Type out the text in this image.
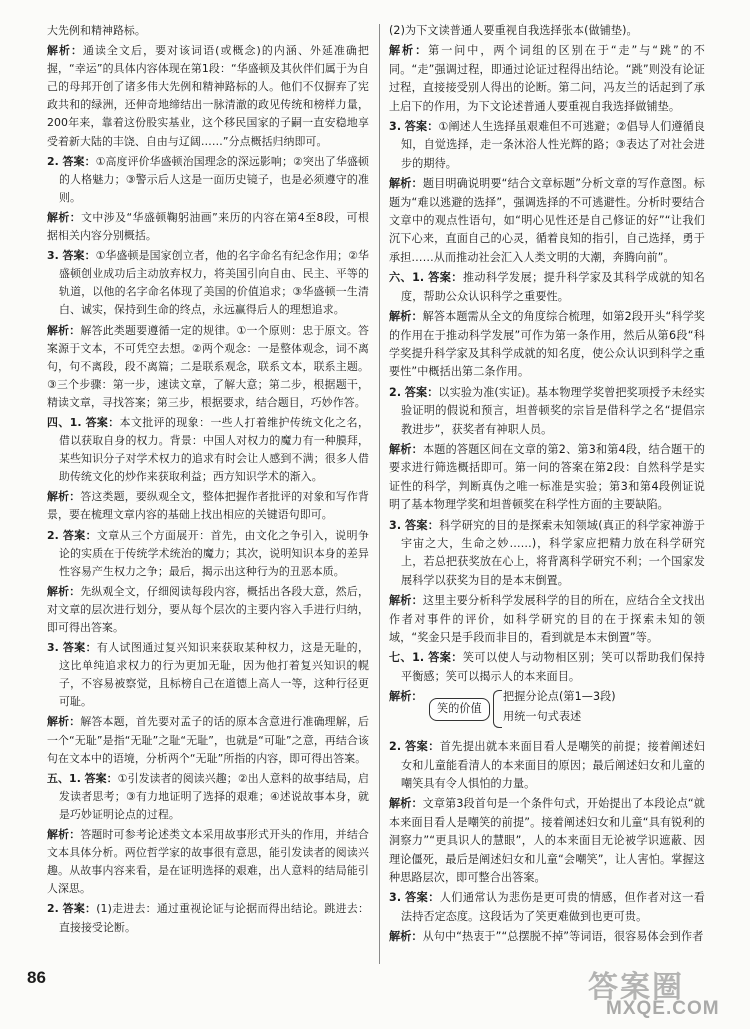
大先例和精神路标。
解析：通读全文后，要对该词语(或概念)的内涵、外延准确把握，“幸运”的具体内容体现在第1段：“华盛顿及其伙伴们属于为自己的母邦开创了诸多伟大先例和精神路标的人。他们不仅摒弃了宪政共和的绿洲，还伸奇地缔结出一脉清澈的政见传统和榜样力量，200年来，靠着这份股实基业，这个移民国家的子嗣一直安稳地享受着新大陆的丰饶、自由与辽阔……”分点概括归纳即可。
2. 答案：①高度评价华盛顿治国理念的深远影响；②突出了华盛顿的人格魅力；③警示后人这是一面历史镜子，也是必须遵守的准则。
解析：文中涉及“华盛顿鞠躬油画”来历的内容在第4至8段，可根据相关内容分别概括。
3. 答案：①华盛顿是国家创立者，他的名字命名有纪念作用；②华盛顿创业成功后主动放弃权力，将美国引向自由、民主、平等的轨道，以他的名字命名体现了美国的价值追求；③华盛顿一生清白、诚实，保持到生命的终点，永远赢得后人的理想追求。
解析：解答此类题要遵循一定的规律。①一个原则：忠于原文。答案源于文本，不可凭空去想。②两个观念：一是整体观念，词不离句，句不离段，段不离篇；二是联系观念，联系文本，联系主题。③三个步骤：第一步，速读文章，了解大意；第二步，根据题干，精读文章，寻找答案；第三步，根据要求，结合题目，巧妙作答。
四、1. 答案：本文批评的现象：一些人打着维护传统文化之名，借以获取自身的权力。背景：中国人对权力的魔力有一种膜拜，某些知识分子对学术权力的追求有时会让人感到不满；很多人借助传统文化的炒作来获取利益；西方知识学术的渐入。
解析：答这类题，要纵观全文，整体把握作者批评的对象和写作背景，要在梳理文章内容的基础上找出相应的关键语句即可。
2. 答案：文章从三个方面展开：首先，由文化之争引入，说明争论的实质在于传统学术统治的魔力；其次，说明知识本身的差异性容易产生权力之争；最后，揭示出这种行为的丑恶本质。
解析：先纵观全文，仔细阅读每段内容，概括出各段大意，然后，对文章的层次进行划分，要从每个层次的主要内容入手进行归纳，即可得出答案。
3. 答案：有人试图通过复兴知识来获取某种权力，这是无耻的，这比单纯追求权力的行为更加无耻，因为他打着复兴知识的幌子，不容易被察觉，且标榜自己在道德上高人一等，这种行径更可耻。
解析：解答本题，首先要对孟子的话的原本含意进行准确理解，后一个“无耻”是指“无耻”之耻“无耻”，也就是“可耻”之意，再结合该句在文本中的语境，分析两个“无耻”所指的内容，即可得出答案。
五、1. 答案：①引发读者的阅读兴趣；②出人意料的故事结局，启发读者思考；③有力地证明了选择的艰难；④述说故事本身，就是巧妙证明论点的过程。
解析：答题时可参考论述类文本采用故事形式开头的作用，并结合文本具体分析。两位哲学家的故事很有意思，能引发读者的阅读兴趣。从故事内容来看，是在证明选择的艰难，出人意料的结局能引人深思。
2. 答案：(1)走进去：通过重视论证与论据而得出结论。跳进去：直接接受论断。
(2)为下文读普通人要重视自我选择张本(做铺垫)。
解析：第一问中，两个词组的区别在于“走”与“跳”的不同。“走”强调过程，即通过论证过程得出结论。“跳”则没有论证过程，直接接受别人得出的论断。第二问，冯友兰的话起到了承上启下的作用，为下文论述普通人要重视自我选择做铺垫。
3. 答案：①阐述人生选择虽艰难但不可逃避；②倡导人们遵循良知，自觉选择，走一条沐浴人性光辉的路；③表达了对社会进步的期待。
解析：题目明确说明要“结合文章标题”分析文章的写作意图。标题为“难以逃避的选择”，强调选择的不可逃避性。分析时要结合文章中的观点性语句，如“明心见性还是自己修证的好”“让我们沉下心来，直面自己的心灵，循着良知的指引，自己选择，勇于承担……从而推动社会汇入人类文明的大潮，奔腾向前”。
六、1. 答案：推动科学发展；提升科学家及其科学成就的知名度，帮助公众认识科学之重要性。
解析：解答本题需从全文的角度综合梳理，如第2段开头“科学奖的作用在于推动科学发展”可作为第一条作用，然后从第6段“科学奖提升科学家及其科学成就的知名度，使公众认识到科学之重要性”中概括出第二条作用。
2. 答案：以实验为准(实证)。基本物理学奖曾把奖项授予未经实验证明的假说和预言，坦普顿奖的宗旨是借科学之名“提倡宗教进步”，获奖者有神职人员。
解析：本题的答题区间在文章的第2、第3和第4段，结合题干的要求进行筛选概括即可。第一问的答案在第2段：自然科学是实证性的科学，判断真伪之唯一标准是实验；第3和第4段例证说明了基本物理学奖和坦普顿奖在科学性方面的主要缺陷。
3. 答案：科学研究的目的是探索未知领域(真正的科学家神游于宇宙之大，生命之妙……)，科学家应把精力放在科学研究上，若总把获奖放在心上，将背离科学研究不利；一个国家发展科学以获奖为目的是本末倒置。
解析：这里主要分析科学发展科学的目的所在，应结合全文找出作者对事件的评价，如科学研究的目的在于探索未知的领域，“奖金只是手段而非目的，看到就是本末倒置”等。
七、1. 答案：笑可以使人与动物相区别；笑可以帮助我们保持平衡感；笑可以揭示人的本来面目。
解析：
笑的价值
把握分论点(第1—3段)
用统一句式表述
2. 答案：首先提出就本来面目看人是嘲笑的前提；接着阐述妇女和儿童能看清人的本来面目的原因；最后阐述妇女和儿童的嘲笑具有令人惧怕的力量。
解析：文章第3段首句是一个条件句式，开始提出了本段论点“就本来面目看人是嘲笑的前提”。接着阐述妇女和儿童“具有锐利的洞察力”“更具识人的慧眼”，人的本来面目无论被学识遮蔽、因理论僵死，最后是阐述妇女和儿童“会嘲笑”，让人害怕。掌握这种思路层次，即可整合出答案。
3. 答案：人们通常认为悲伤是更可贵的情感，但作者对这一看法持否定态度。这段话为了笑更难做到也更可贵。
解析：从句中“热衷于”“总摆脱不掉”等词语，很容易体会到作者
86	答案圈
MXQE.COM
